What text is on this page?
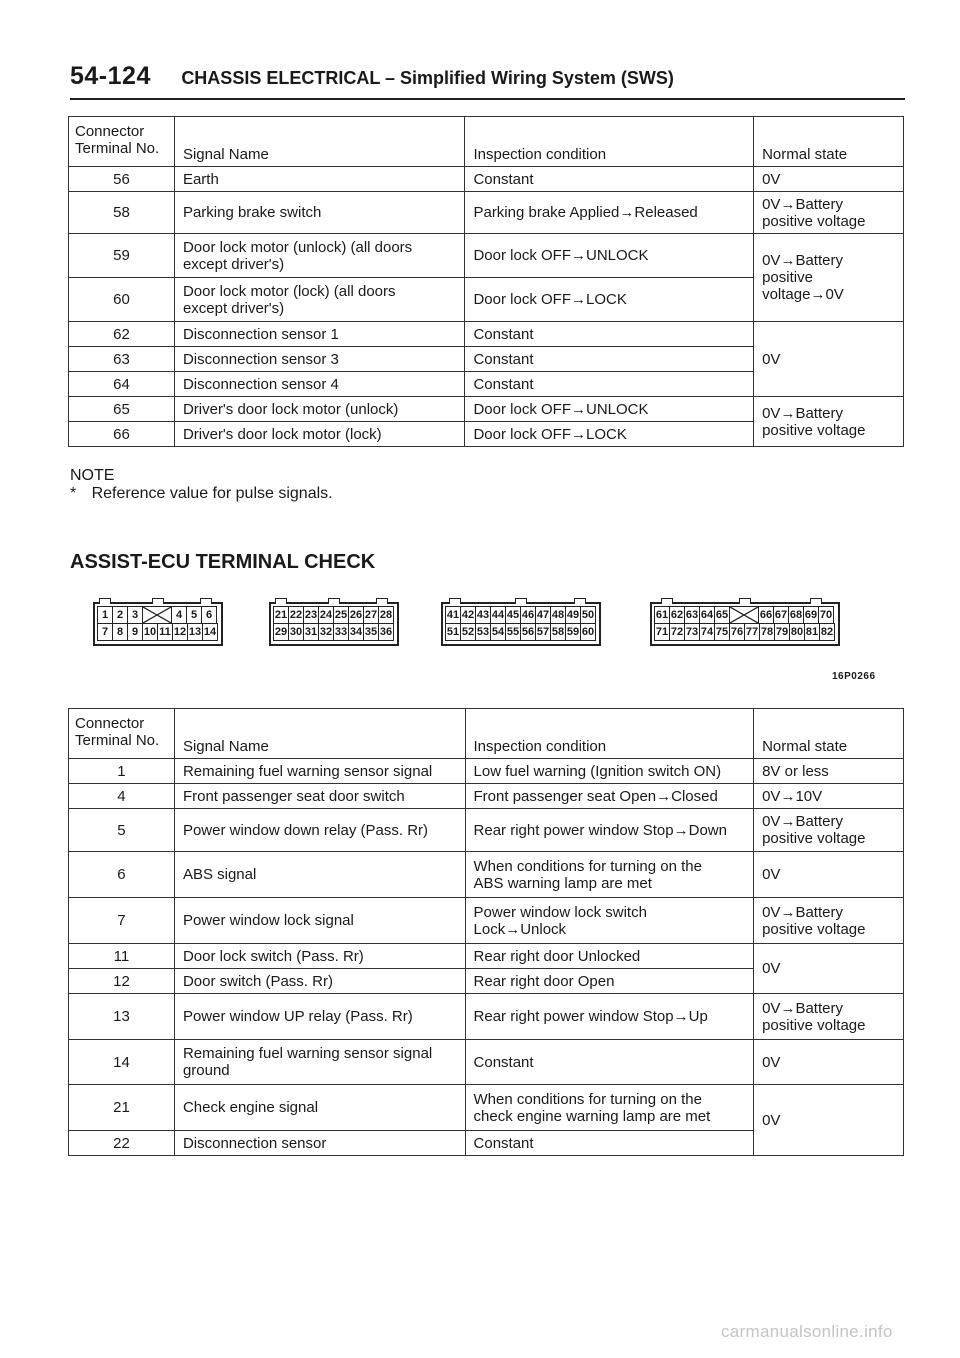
54-124 CHASSIS ELECTRICAL – Simplified Wiring System (SWS)
Connector
Terminal No.	Signal Name	Inspection condition	Normal state
56	Earth	Constant	0V
58	Parking brake switch	Parking brake Applied→Released	0V→Battery
positive voltage
59	Door lock motor (unlock) (all doors
except driver's)	Door lock OFF→UNLOCK	0V→Battery
positive
voltage→0V
60	Door lock motor (lock) (all doors
except driver's)	Door lock OFF→LOCK	
62	Disconnection sensor 1	Constant	0V
63	Disconnection sensor 3	Constant	
64	Disconnection sensor 4	Constant	
65	Driver's door lock motor (unlock)	Door lock OFF→UNLOCK	0V→Battery
positive voltage
66	Driver's door lock motor (lock)	Door lock OFF→LOCK	
NOTE
* Reference value for pulse signals.
ASSIST-ECU TERMINAL CHECK
1 2 3	4 5 6
7 8 9 10 11 12 13 14
21 22 23 24 25 26 27 28
29 30 31 32 33 34 35 36
41 42 43 44 45 46 47 48 49 50
51 52 53 54 55 56 57 58 59 60
61 62 63 64 65	66 67 68 69 70
71 72 73 74 75 76 77 78 79 80 81 82
16P0266
Connector
Terminal No.	Signal Name	Inspection condition	Normal state
1	Remaining fuel warning sensor signal	Low fuel warning (Ignition switch ON)	8V or less
4	Front passenger seat door switch	Front passenger seat Open→Closed	0V→10V
5	Power window down relay (Pass. Rr)	Rear right power window Stop→Down	0V→Battery
positive voltage
6	ABS signal	When conditions for turning on the
ABS warning lamp are met	0V
7	Power window lock signal	Power window lock switch
Lock→Unlock	0V→Battery
positive voltage
11	Door lock switch (Pass. Rr)	Rear right door Unlocked	0V
12	Door switch (Pass. Rr)	Rear right door Open	
13	Power window UP relay (Pass. Rr)	Rear right power window Stop→Up	0V→Battery
positive voltage
14	Remaining fuel warning sensor signal
ground	Constant	0V
21	Check engine signal	When conditions for turning on the
check engine warning lamp are met	0V
22	Disconnection sensor	Constant	
carmanualsonline.info
